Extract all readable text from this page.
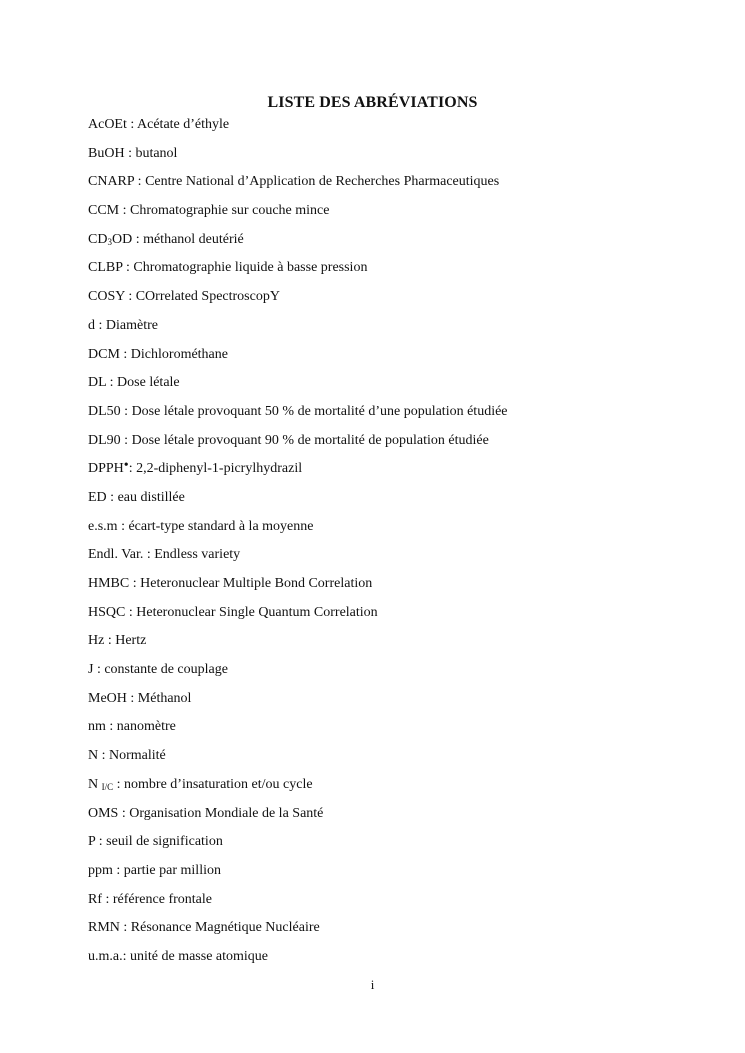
LISTE DES ABRÉVIATIONS
AcOEt : Acétate d’éthyle
BuOH : butanol
CNARP : Centre National d’Application de Recherches Pharmaceutiques
CCM : Chromatographie sur couche mince
$CD_3OD$ : méthanol deutérié
CLBP : Chromatographie liquide à basse pression
COSY : COrrelated SpectroscopY
d : Diamètre
DCM : Dichlorométhane
DL : Dose létale
DL50 : Dose létale provoquant 50 % de mortalité d’une population étudiée
DL90 : Dose létale provoquant 90 % de mortalité de population étudiée
DPPH•: 2,2-diphenyl-1-picrylhydrazil
ED : eau distillée
e.s.m : écart-type standard à la moyenne
Endl. Var. : Endless variety
HMBC : Heteronuclear Multiple Bond Correlation
HSQC : Heteronuclear Single Quantum Correlation
Hz : Hertz
J : constante de couplage
MeOH : Méthanol
nm : nanomètre
N : Normalité
N $_{I/C}$ : nombre d’insaturation et/ou cycle
OMS : Organisation Mondiale de la Santé
P : seuil de signification
ppm : partie par million
Rf : référence frontale
RMN : Résonance Magnétique Nucléaire
u.m.a.: unité de masse atomique
i
